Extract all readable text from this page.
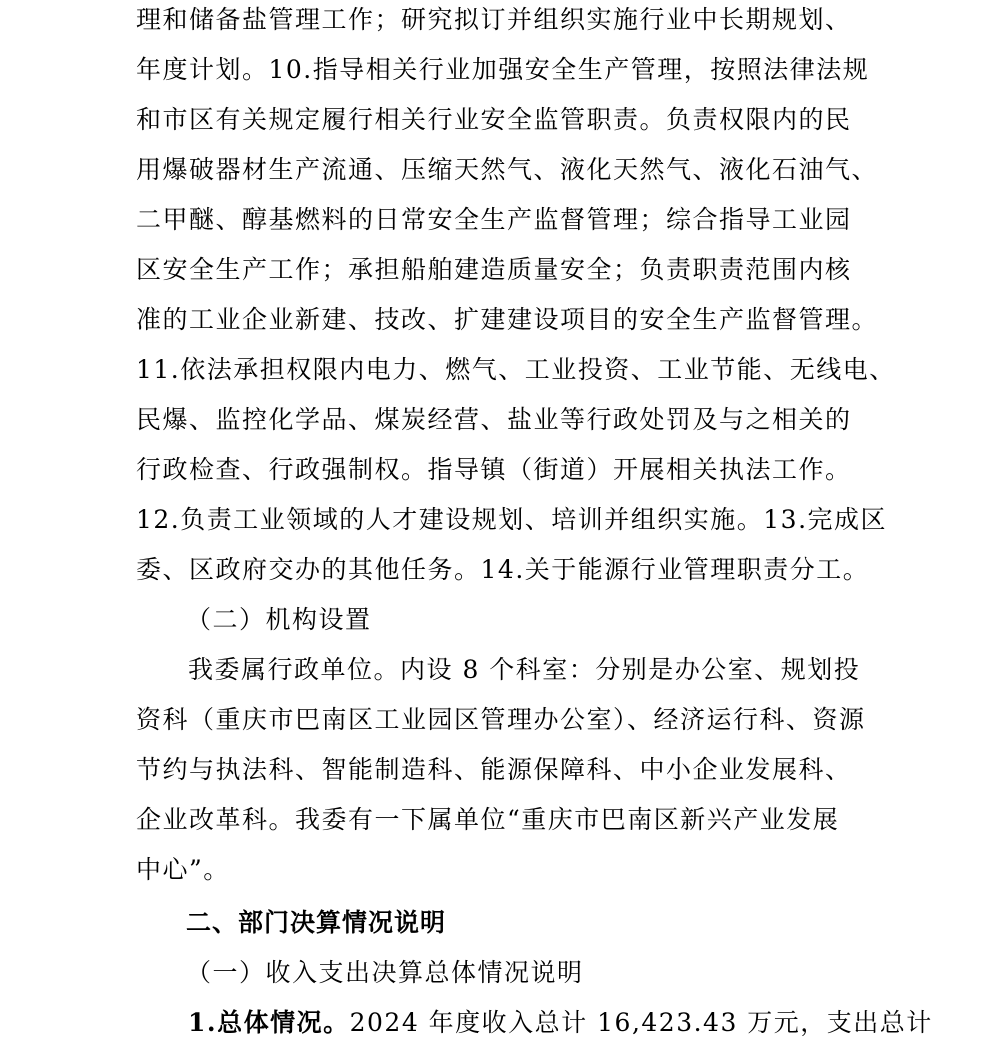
理和储备盐管理工作；研究拟订并组织实施行业中长期规划、
年度计划。10.指导相关行业加强安全生产管理，按照法律法规
和市区有关规定履行相关行业安全监管职责。负责权限内的民
用爆破器材生产流通、压缩天然气、液化天然气、液化石油气、
二甲醚、醇基燃料的日常安全生产监督管理；综合指导工业园
区安全生产工作；承担船舶建造质量安全；负责职责范围内核
准的工业企业新建、技改、扩建建设项目的安全生产监督管理。
11.依法承担权限内电力、燃气、工业投资、工业节能、无线电、
民爆、监控化学品、煤炭经营、盐业等行政处罚及与之相关的
行政检查、行政强制权。指导镇（街道）开展相关执法工作。
12.负责工业领域的人才建设规划、培训并组织实施。13.完成区
委、区政府交办的其他任务。14.关于能源行业管理职责分工。
（二）机构设置
我委属行政单位。内设 8 个科室：分别是办公室、规划投
资科（重庆市巴南区工业园区管理办公室）、经济运行科、资源
节约与执法科、智能制造科、能源保障科、中小企业发展科、
企业改革科。我委有一下属单位“重庆市巴南区新兴产业发展
中心”。
二、部门决算情况说明
（一）收入支出决算总体情况说明
1.总体情况。2024 年度收入总计 16,423.43 万元，支出总计
